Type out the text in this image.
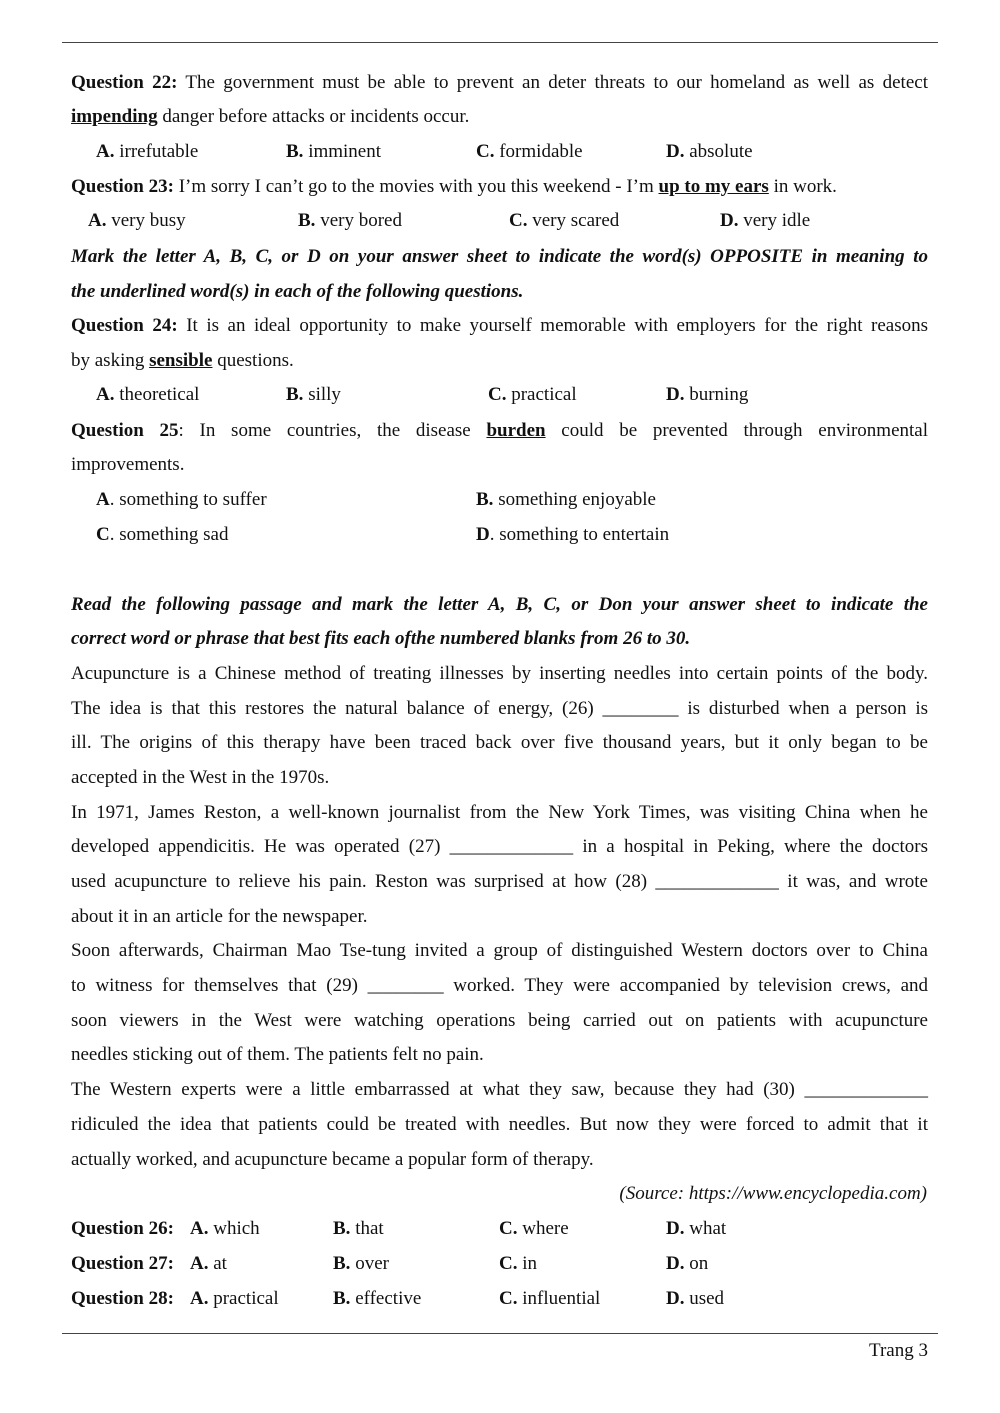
Question 22: The government must be able to prevent an deter threats to our homeland as well as detect
impending danger before attacks or incidents occur.
A. irrefutable	B. imminent	C. formidable	D. absolute
Question 23: I’m sorry I can’t go to the movies with you this weekend - I’m up to my ears in work.
A. very busy	B. very bored	C. very scared	D. very idle
Mark the letter A, B, C, or D on your answer sheet to indicate the word(s) OPPOSITE in meaning to
the underlined word(s) in each of the following questions.
Question 24: It is an ideal opportunity to make yourself memorable with employers for the right reasons
by asking sensible questions.
A. theoretical	B. silly	C. practical	D. burning
Question 25: In some countries, the disease burden could be prevented through environmental
improvements.
A. something to suffer	B. something enjoyable
C. something sad	D. something to entertain
Read the following passage and mark the letter A, B, C, or Don your answer sheet to indicate the
correct word or phrase that best fits each ofthe numbered blanks from 26 to 30.
Acupuncture is a Chinese method of treating illnesses by inserting needles into certain points of the body.
The idea is that this restores the natural balance of energy, (26) ________ is disturbed when a person is
ill. The origins of this therapy have been traced back over five thousand years, but it only began to be
accepted in the West in the 1970s.
In 1971, James Reston, a well-known journalist from the New York Times, was visiting China when he
developed appendicitis. He was operated (27) _____________ in a hospital in Peking, where the doctors
used acupuncture to relieve his pain. Reston was surprised at how (28) _____________ it was, and wrote
about it in an article for the newspaper.
Soon afterwards, Chairman Mao Tse-tung invited a group of distinguished Western doctors over to China
to witness for themselves that (29) ________ worked. They were accompanied by television crews, and
soon viewers in the West were watching operations being carried out on patients with acupuncture
needles sticking out of them. The patients felt no pain.
The Western experts were a little embarrassed at what they saw, because they had (30) _____________
ridiculed the idea that patients could be treated with needles. But now they were forced to admit that it
actually worked, and acupuncture became a popular form of therapy.
(Source: https://www.encyclopedia.com)
Question 26: A. which	B. that	C. where	D. what
Question 27: A. at	B. over	C. in	D. on
Question 28: A. practical	B. effective	C. influential	D. used
Trang 3
